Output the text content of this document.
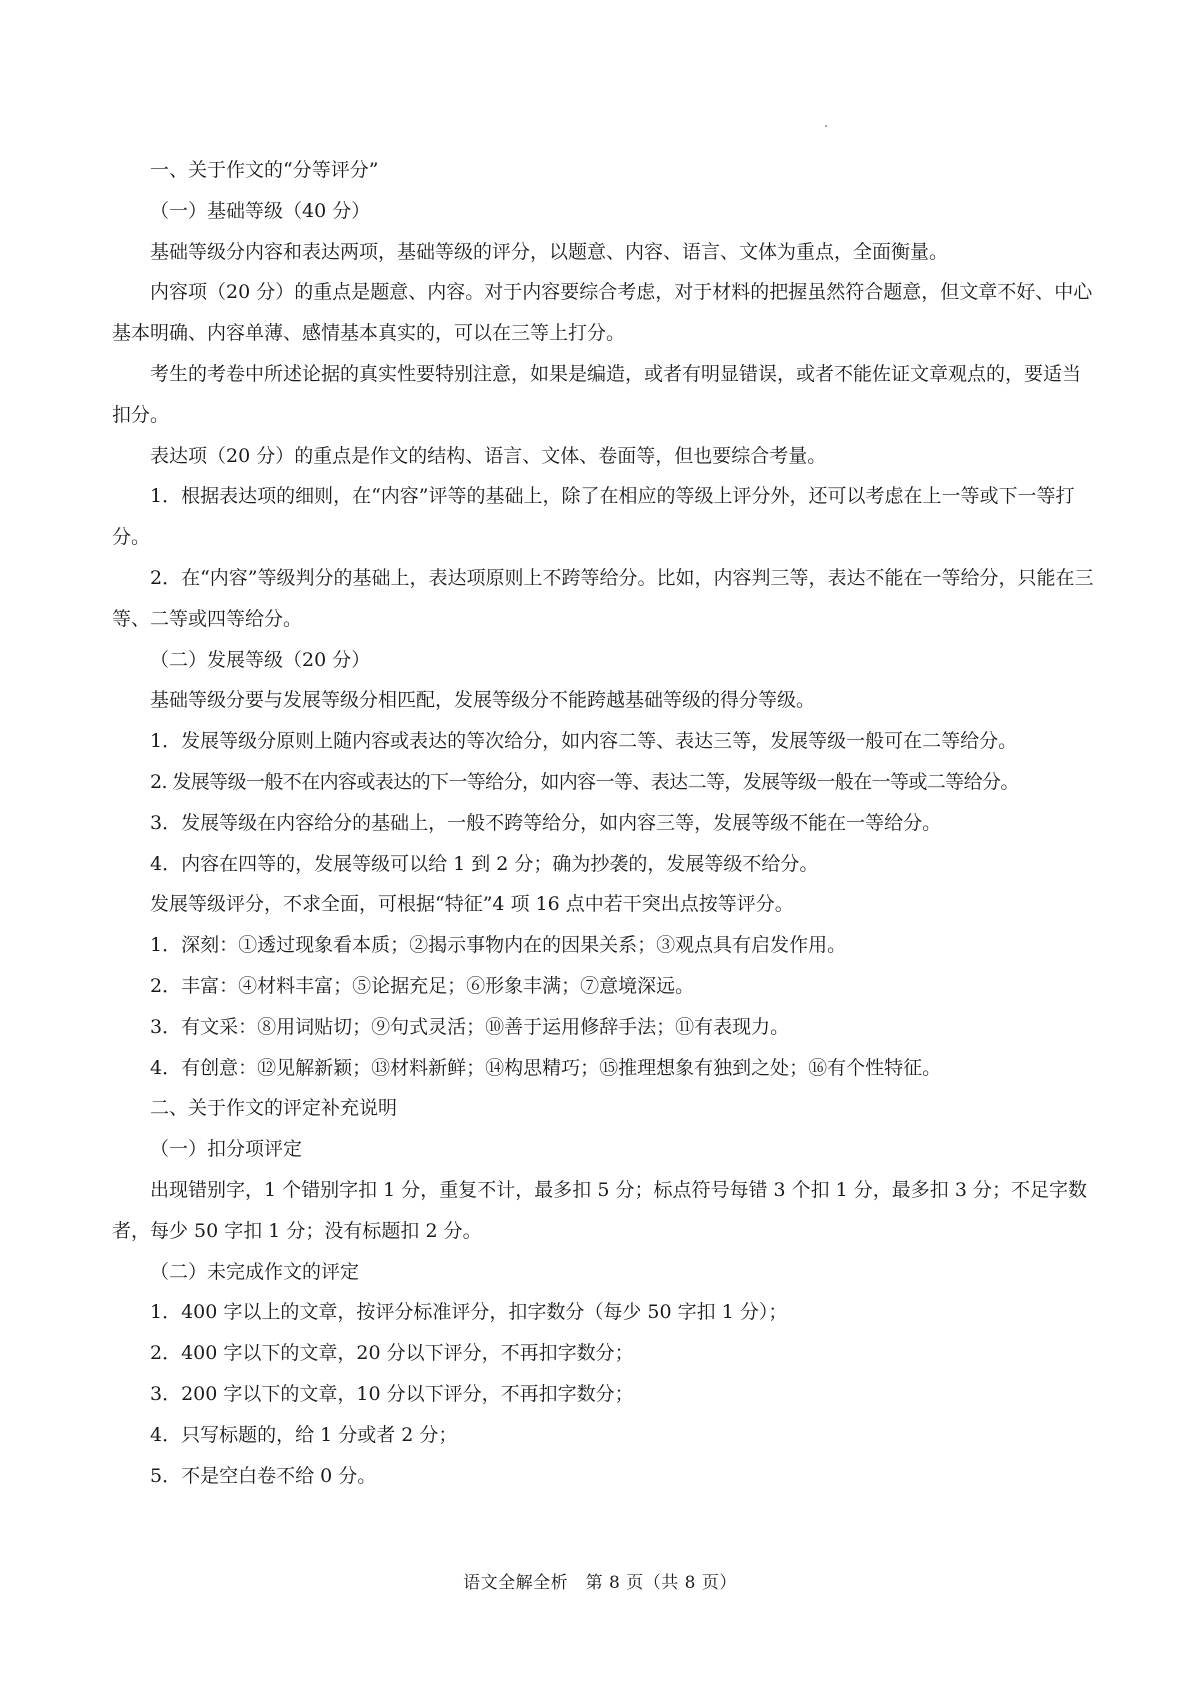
一、关于作文的“分等评分”

（一）基础等级（40 分）

基础等级分内容和表达两项，基础等级的评分，以题意、内容、语言、文体为重点，全面衡量。

内容项（20 分）的重点是题意、内容。对于内容要综合考虑，对于材料的把握虽然符合题意，但文章不好、中心基本明确、内容单薄、感情基本真实的，可以在三等上打分。

考生的考卷中所述论据的真实性要特别注意，如果是编造，或者有明显错误，或者不能佐证文章观点的，要适当扣分。

表达项（20 分）的重点是作文的结构、语言、文体、卷面等，但也要综合考量。

1．根据表达项的细则，在“内容”评等的基础上，除了在相应的等级上评分外，还可以考虑在上一等或下一等打分。

2．在“内容”等级判分的基础上，表达项原则上不跨等给分。比如，内容判三等，表达不能在一等给分，只能在三等、二等或四等给分。

（二）发展等级（20 分）

基础等级分要与发展等级分相匹配，发展等级分不能跨越基础等级的得分等级。

1．发展等级分原则上随内容或表达的等次给分，如内容二等、表达三等，发展等级一般可在二等给分。

2. 发展等级一般不在内容或表达的下一等给分，如内容一等、表达二等，发展等级一般在一等或二等给分。

3．发展等级在内容给分的基础上，一般不跨等给分，如内容三等，发展等级不能在一等给分。

4．内容在四等的，发展等级可以给 1 到 2 分；确为抄袭的，发展等级不给分。

发展等级评分，不求全面，可根据“特征”4 项 16 点中若干突出点按等评分。

1．深刻：①透过现象看本质；②揭示事物内在的因果关系；③观点具有启发作用。

2．丰富：④材料丰富；⑤论据充足；⑥形象丰满；⑦意境深远。

3．有文采：⑧用词贴切；⑨句式灵活；⑩善于运用修辞手法；⑪有表现力。

4．有创意：⑫见解新颖；⑬材料新鲜；⑭构思精巧；⑮推理想象有独到之处；⑯有个性特征。

二、关于作文的评定补充说明

（一）扣分项评定

出现错别字，1 个错别字扣 1 分，重复不计，最多扣 5 分；标点符号每错 3 个扣 1 分，最多扣 3 分；不足字数者，每少 50 字扣 1 分；没有标题扣 2 分。

（二）未完成作文的评定

1．400 字以上的文章，按评分标准评分，扣字数分（每少 50 字扣 1 分）；

2．400 字以下的文章，20 分以下评分，不再扣字数分；

3．200 字以下的文章，10 分以下评分，不再扣字数分；

4．只写标题的，给 1 分或者 2 分；

5．不是空白卷不给 0 分。

语文全解全析　第 8 页（共 8 页）
